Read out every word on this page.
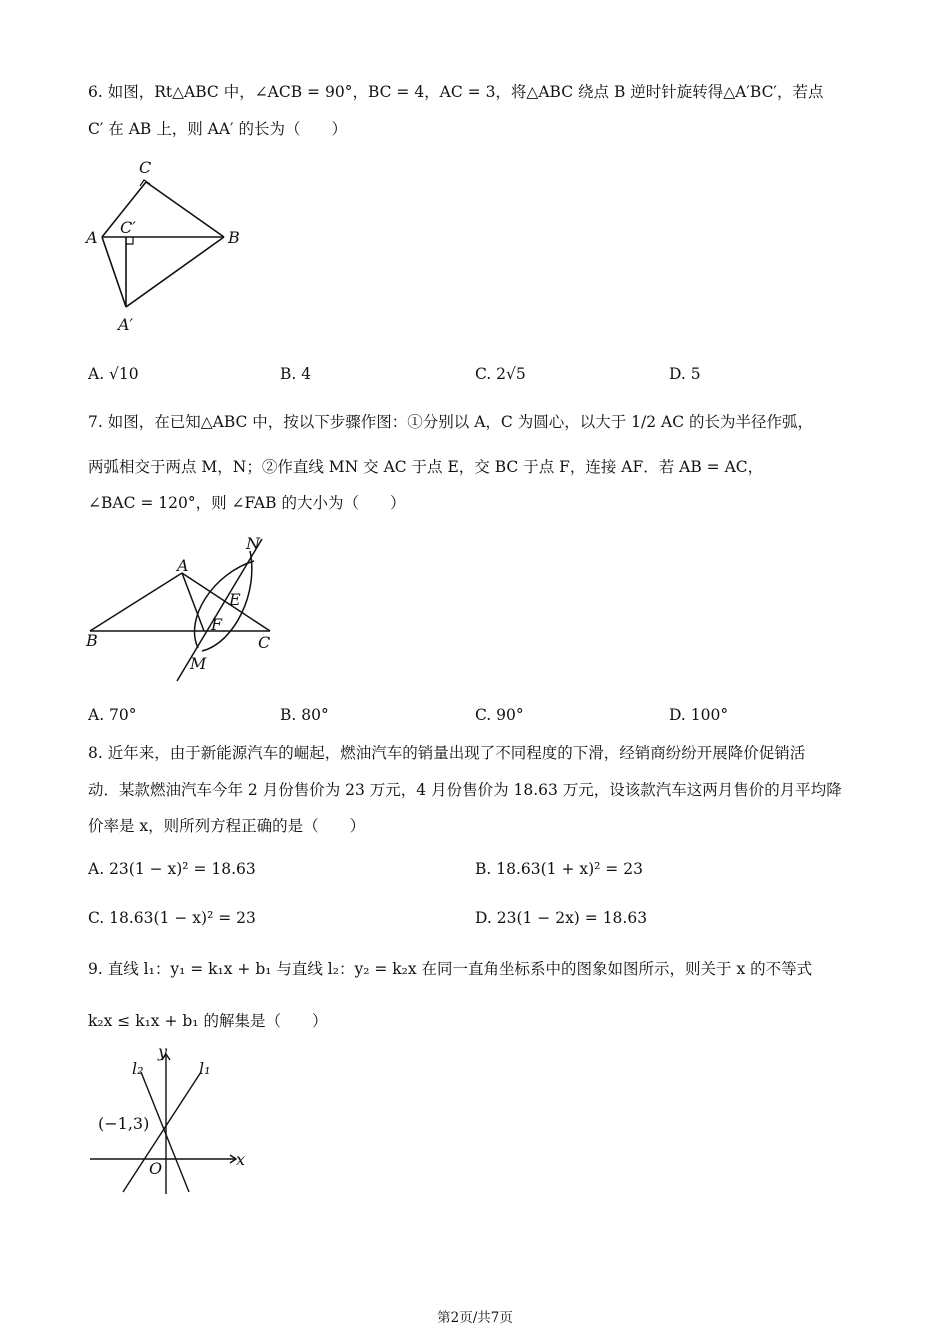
6. 如图，Rt△ABC 中，∠ACB = 90°，BC = 4，AC = 3，将△ABC 绕点 B 逆时针旋转得△A′BC′，若点
C′ 在 AB 上，则 AA′ 的长为（　　）
C
A	B
C′
A′
A. √10	B. 4	C. 2√5	D. 5
7. 如图，在已知△ABC 中，按以下步骤作图：①分别以 A，C 为圆心，以大于 1/2 AC 的长为半径作弧，
两弧相交于两点 M，N；②作直线 MN 交 AC 于点 E，交 BC 于点 F，连接 AF．若 AB = AC，
∠BAC = 120°，则 ∠FAB 的大小为（　　）
N
A
E
F
B	C
M
A. 70°	B. 80°	C. 90°	D. 100°
8. 近年来，由于新能源汽车的崛起，燃油汽车的销量出现了不同程度的下滑，经销商纷纷开展降价促销活
动．某款燃油汽车今年 2 月份售价为 23 万元，4 月份售价为 18.63 万元，设该款汽车这两月售价的月平均降
价率是 x，则所列方程正确的是（　　）
A. 23(1 − x)² = 18.63	B. 18.63(1 + x)² = 23
C. 18.63(1 − x)² = 23	D. 23(1 − 2x) = 18.63
9. 直线 l₁：y₁ = k₁x + b₁ 与直线 l₂：y₂ = k₂x 在同一直角坐标系中的图象如图所示，则关于 x 的不等式
k₂x ≤ k₁x + b₁ 的解集是（　　）
y
x
O
l₁
l₂
(−1,3)
第2页/共7页
